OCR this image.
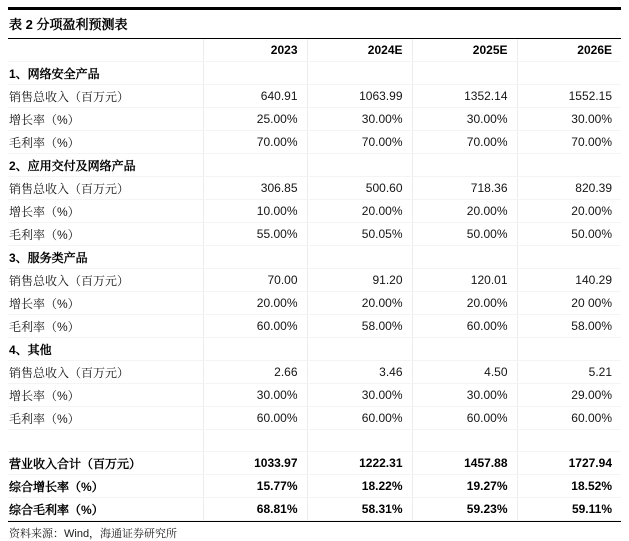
表 2 分项盈利预测表
	2023	2024E	2025E	2026E
1、网络安全产品				
销售总收入（百万元）	640.91	1063.99	1352.14	1552.15
增长率（%）	25.00%	30.00%	30.00%	30.00%
毛利率（%）	70.00%	70.00%	70.00%	70.00%
2、应用交付及网络产品				
销售总收入（百万元）	306.85	500.60	718.36	820.39
增长率（%）	10.00%	20.00%	20.00%	20.00%
毛利率（%）	55.00%	50.05%	50.00%	50.00%
3、服务类产品				
销售总收入（百万元）	70.00	91.20	120.01	140.29
增长率（%）	20.00%	20.00%	20.00%	20 00%
毛利率（%）	60.00%	58.00%	60.00%	58.00%
4、其他				
销售总收入（百万元）	2.66	3.46	4.50	5.21
增长率（%）	30.00%	30.00%	30.00%	29.00%
毛利率（%）	60.00%	60.00%	60.00%	60.00%

营业收入合计（百万元）	1033.97	1222.31	1457.88	1727.94
综合增长率（%）	15.77%	18.22%	19.27%	18.52%
综合毛利率（%）	68.81%	58.31%	59.23%	59.11%
资料来源：Wind，海通证券研究所
